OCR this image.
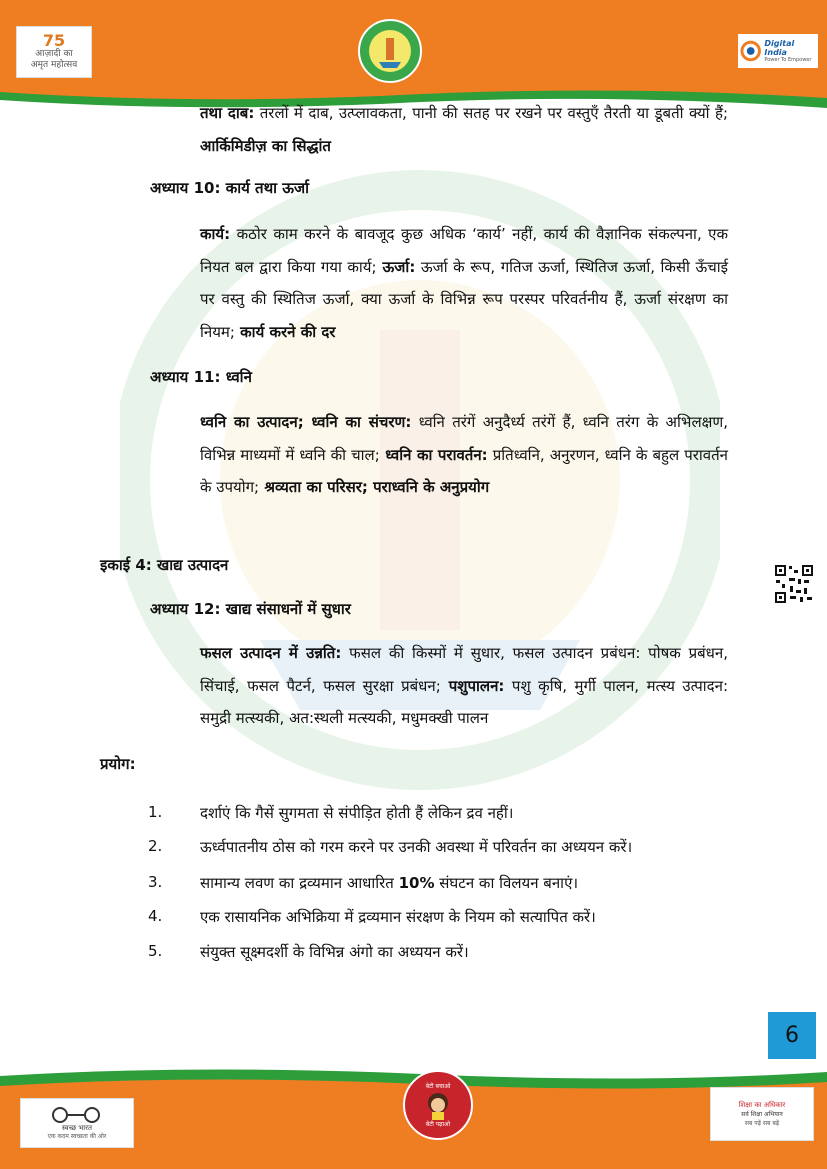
75
आज़ादी का
अमृत महोत्सव
Digital India
Power To Empower
तथा दाब: तरलों में दाब, उत्प्लावकता, पानी की सतह पर रखने पर वस्तुएँ तैरती या डूबती क्यों हैं; आर्किमिडीज़ का सिद्धांत
अध्याय 10: कार्य तथा ऊर्जा
कार्य: कठोर काम करने के बावजूद कुछ अधिक ‘कार्य’ नहीं, कार्य की वैज्ञानिक संकल्पना, एक नियत बल द्वारा किया गया कार्य; ऊर्जा: ऊर्जा के रूप, गतिज ऊर्जा, स्थितिज ऊर्जा, किसी ऊँचाई पर वस्तु की स्थितिज ऊर्जा, क्या ऊर्जा के विभिन्न रूप परस्पर परिवर्तनीय हैं, ऊर्जा संरक्षण का नियम; कार्य करने की दर
अध्याय 11: ध्वनि
ध्वनि का उत्पादन; ध्वनि का संचरण: ध्वनि तरंगें अनुदैर्ध्य तरंगें हैं, ध्वनि तरंग के अभिलक्षण, विभिन्न माध्यमों में ध्वनि की चाल; ध्वनि का परावर्तन: प्रतिध्वनि, अनुरणन, ध्वनि के बहुल परावर्तन के उपयोग; श्रव्यता का परिसर; पराध्वनि के अनुप्रयोग
इकाई 4: खाद्य उत्पादन
अध्याय 12: खाद्य संसाधनों में सुधार
फसल उत्पादन में उन्नति: फसल की किस्मों में सुधार, फसल उत्पादन प्रबंधन: पोषक प्रबंधन, सिंचाई, फसल पैटर्न, फसल सुरक्षा प्रबंधन; पशुपालन: पशु कृषि, मुर्गी पालन, मत्स्य उत्पादन: समुद्री मत्स्यकी, अत:स्थली मत्स्यकी, मधुमक्खी पालन
प्रयोग:
1.	दर्शाएं कि गैसें सुगमता से संपीड़ित होती हैं लेकिन द्रव नहीं।
2.	ऊर्ध्वपातनीय ठोस को गरम करने पर उनकी अवस्था में परिवर्तन का अध्ययन करें।
3.	सामान्य लवण का द्रव्यमान आधारित 10% संघटन का विलयन बनाएं।
4.	एक रासायनिक अभिक्रिया में द्रव्यमान संरक्षण के नियम को सत्यापित करें।
5.	संयुक्त सूक्ष्मदर्शी के विभिन्न अंगो का अध्ययन करें।
6
स्वच्छ भारत
एक कदम स्वच्छता की ओर
बेटी बचाओ
बेटी पढ़ाओ
शिक्षा का अधिकार
सर्व शिक्षा अभियान
सब पढ़ें सब बढ़ें
